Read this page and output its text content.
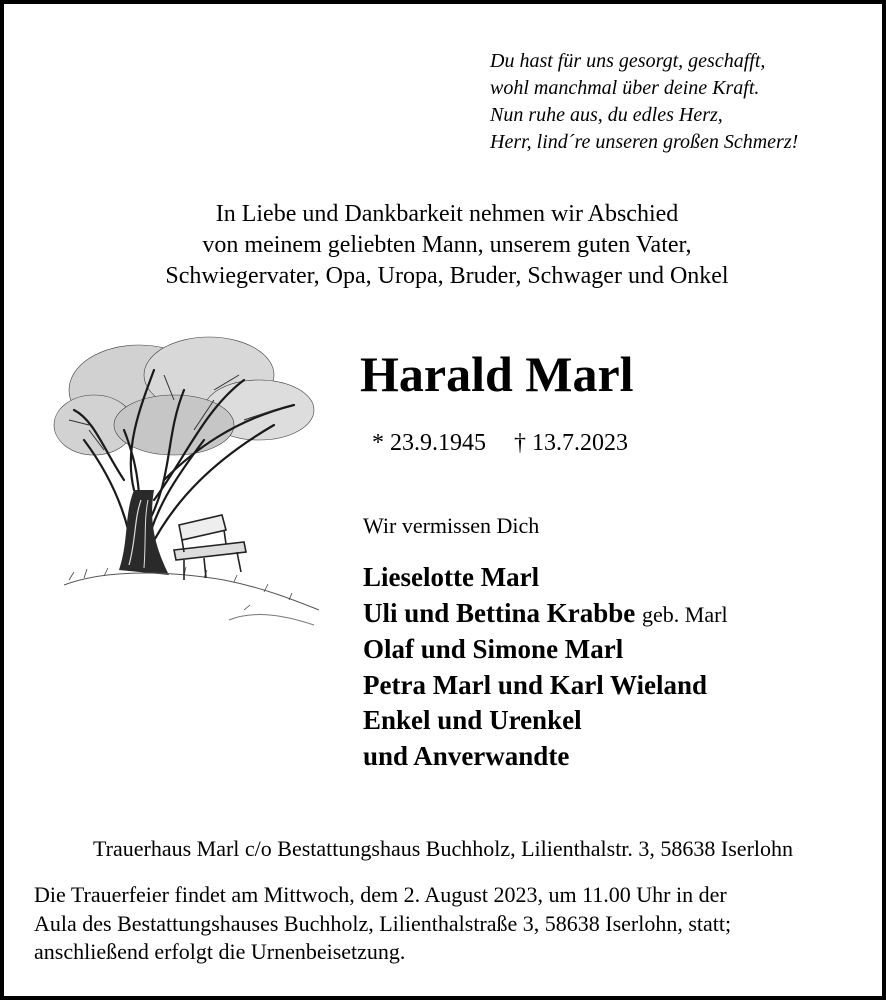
Du hast für uns gesorgt, geschafft,
wohl manchmal über deine Kraft.
Nun ruhe aus, du edles Herz,
Herr, lind´re unseren großen Schmerz!
In Liebe und Dankbarkeit nehmen wir Abschied
von meinem geliebten Mann, unserem guten Vater,
Schwiegervater, Opa, Uropa, Bruder, Schwager und Onkel
Harald Marl
* 23.9.1945 † 13.7.2023
Wir vermissen Dich
Lieselotte Marl
Uli und Bettina Krabbe geb. Marl
Olaf und Simone Marl
Petra Marl und Karl Wieland
Enkel und Urenkel
und Anverwandte
Trauerhaus Marl c/o Bestattungshaus Buchholz, Lilienthalstr. 3, 58638 Iserlohn
Die Trauerfeier findet am Mittwoch, dem 2. August 2023, um 11.00 Uhr in der
Aula des Bestattungshauses Buchholz, Lilienthalstraße 3, 58638 Iserlohn, statt;
anschließend erfolgt die Urnenbeisetzung.
